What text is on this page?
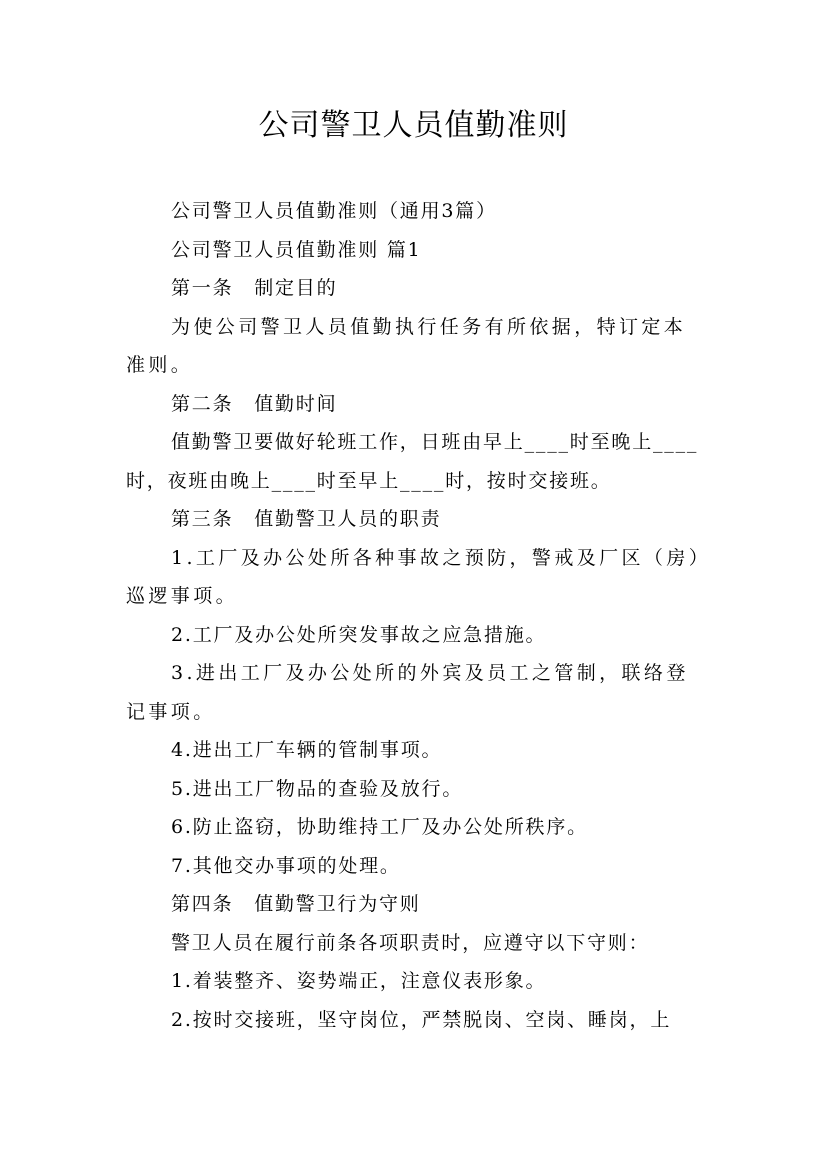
公司警卫人员值勤准则

公司警卫人员值勤准则（通用3篇）

公司警卫人员值勤准则 篇1

第一条　制定目的

为使公司警卫人员值勤执行任务有所依据，特订定本准则。

第二条　值勤时间

值勤警卫要做好轮班工作，日班由早上____时至晚上____时，夜班由晚上____时至早上____时，按时交接班。

第三条　值勤警卫人员的职责

1.工厂及办公处所各种事故之预防，警戒及厂区（房）巡逻事项。

2.工厂及办公处所突发事故之应急措施。

3.进出工厂及办公处所的外宾及员工之管制，联络登记事项。

4.进出工厂车辆的管制事项。

5.进出工厂物品的查验及放行。

6.防止盗窃，协助维持工厂及办公处所秩序。

7.其他交办事项的处理。

第四条　值勤警卫行为守则

警卫人员在履行前条各项职责时，应遵守以下守则：

1.着装整齐、姿势端正，注意仪表形象。

2.按时交接班，坚守岗位，严禁脱岗、空岗、睡岗，上
